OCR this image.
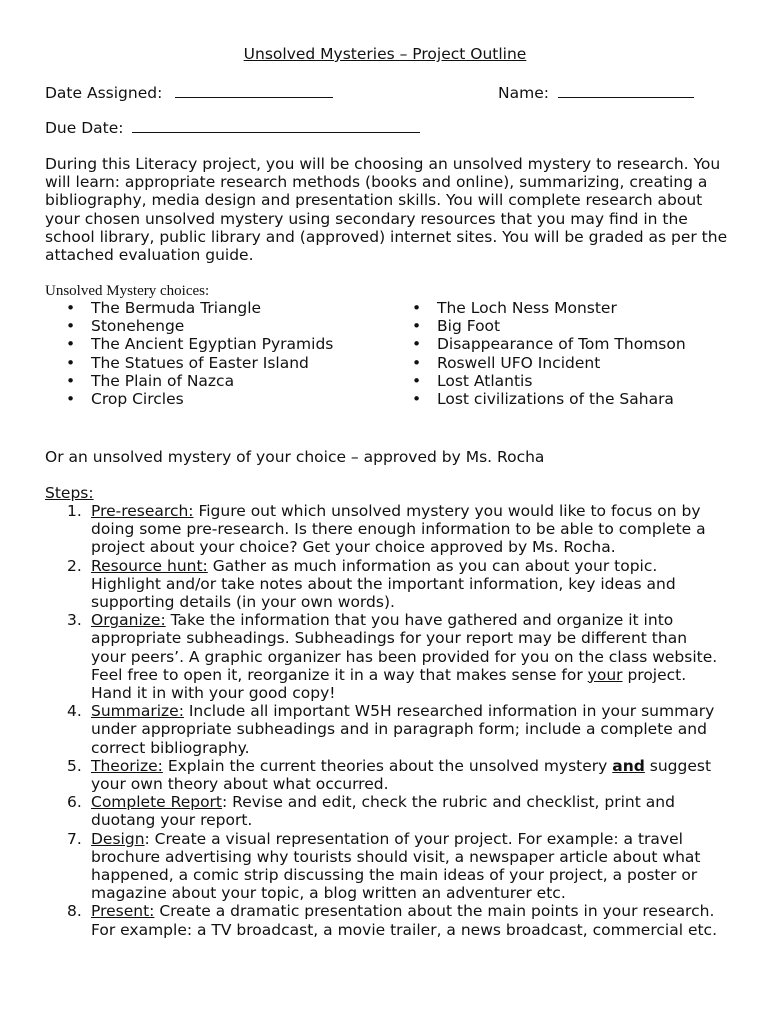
Unsolved Mysteries – Project Outline
Date Assigned:	Name:
Due Date:

During this Literacy project, you will be choosing an unsolved mystery to research. You will learn: appropriate research methods (books and online), summarizing, creating a bibliography, media design and presentation skills. You will complete research about your chosen unsolved mystery using secondary resources that you may find in the school library, public library and (approved) internet sites. You will be graded as per the attached evaluation guide.

Unsolved Mystery choices:
• The Bermuda Triangle
• Stonehenge
• The Ancient Egyptian Pyramids
• The Statues of Easter Island
• The Plain of Nazca
• Crop Circles
• The Loch Ness Monster
• Big Foot
• Disappearance of Tom Thomson
• Roswell UFO Incident
• Lost Atlantis
• Lost civilizations of the Sahara
Or an unsolved mystery of your choice – approved by Ms. Rocha
Steps:
1. Pre-research: Figure out which unsolved mystery you would like to focus on by doing some pre-research. Is there enough information to be able to complete a project about your choice? Get your choice approved by Ms. Rocha.
2. Resource hunt: Gather as much information as you can about your topic. Highlight and/or take notes about the important information, key ideas and supporting details (in your own words).
3. Organize: Take the information that you have gathered and organize it into appropriate subheadings. Subheadings for your report may be different than your peers’. A graphic organizer has been provided for you on the class website. Feel free to open it, reorganize it in a way that makes sense for your project. Hand it in with your good copy!
4. Summarize: Include all important W5H researched information in your summary under appropriate subheadings and in paragraph form; include a complete and correct bibliography.
5. Theorize: Explain the current theories about the unsolved mystery and suggest your own theory about what occurred.
6. Complete Report: Revise and edit, check the rubric and checklist, print and duotang your report.
7. Design: Create a visual representation of your project. For example: a travel brochure advertising why tourists should visit, a newspaper article about what happened, a comic strip discussing the main ideas of your project, a poster or magazine about your topic, a blog written an adventurer etc.
8. Present: Create a dramatic presentation about the main points in your research. For example: a TV broadcast, a movie trailer, a news broadcast, commercial etc.
